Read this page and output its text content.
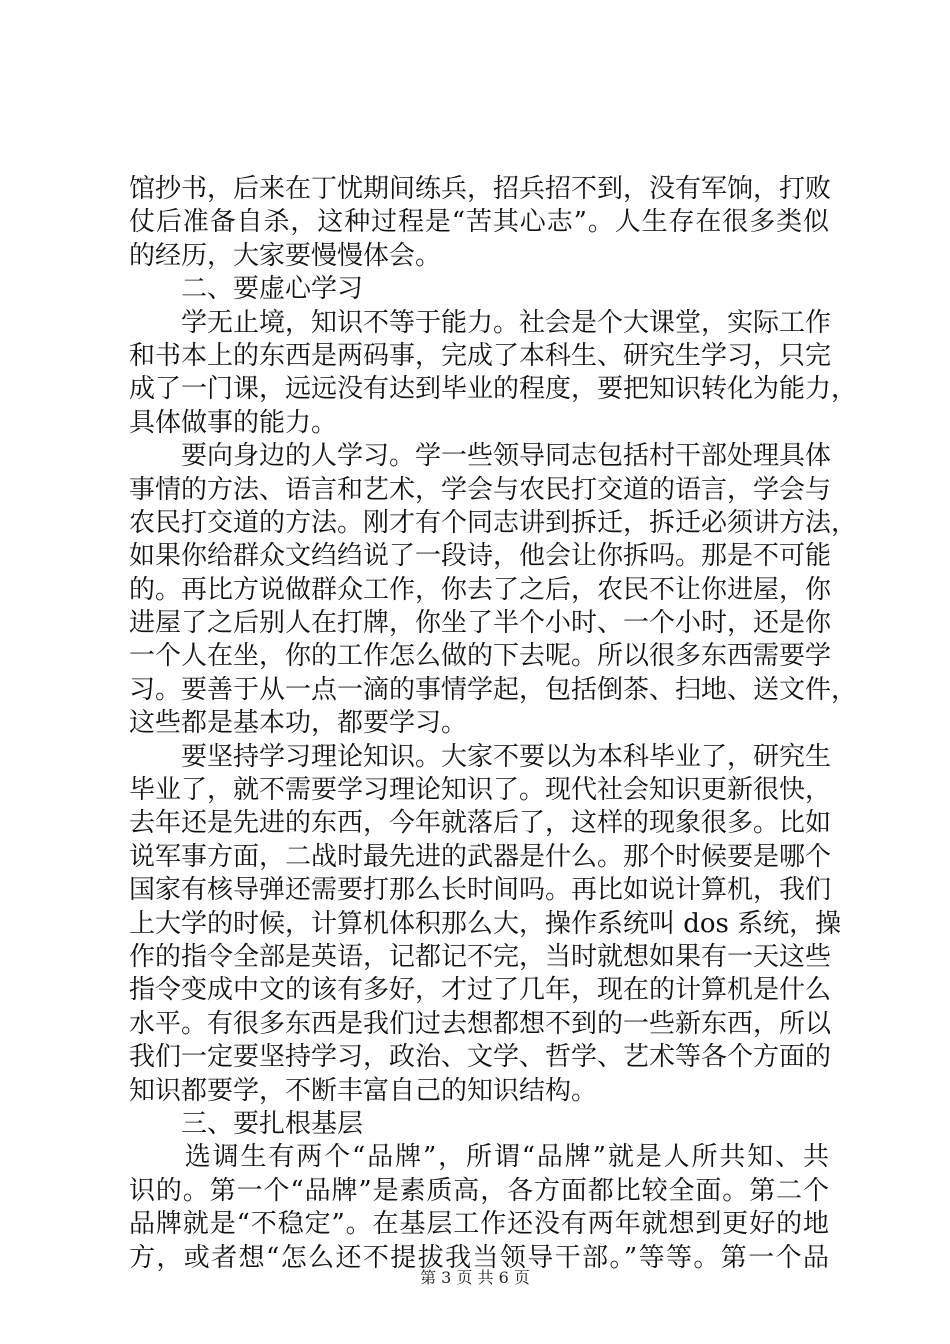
馆抄书，后来在丁忧期间练兵，招兵招不到，没有军饷，打败
仗后准备自杀，这种过程是“苦其心志”。人生存在很多类似
的经历，大家要慢慢体会。
　　二、要虚心学习
　　学无止境，知识不等于能力。社会是个大课堂，实际工作
和书本上的东西是两码事，完成了本科生、研究生学习，只完
成了一门课，远远没有达到毕业的程度，要把知识转化为能力，
具体做事的能力。
　　要向身边的人学习。学一些领导同志包括村干部处理具体
事情的方法、语言和艺术，学会与农民打交道的语言，学会与
农民打交道的方法。刚才有个同志讲到拆迁，拆迁必须讲方法，
如果你给群众文绉绉说了一段诗，他会让你拆吗。那是不可能
的。再比方说做群众工作，你去了之后，农民不让你进屋，你
进屋了之后别人在打牌，你坐了半个小时、一个小时，还是你
一个人在坐，你的工作怎么做的下去呢。所以很多东西需要学
习。要善于从一点一滴的事情学起，包括倒茶、扫地、送文件，
这些都是基本功，都要学习。
　　要坚持学习理论知识。大家不要以为本科毕业了，研究生
毕业了，就不需要学习理论知识了。现代社会知识更新很快，
去年还是先进的东西，今年就落后了，这样的现象很多。比如
说军事方面，二战时最先进的武器是什么。那个时候要是哪个
国家有核导弹还需要打那么长时间吗。再比如说计算机，我们
上大学的时候，计算机体积那么大，操作系统叫 dos 系统，操
作的指令全部是英语，记都记不完，当时就想如果有一天这些
指令变成中文的该有多好，才过了几年，现在的计算机是什么
水平。有很多东西是我们过去想都想不到的一些新东西，所以
我们一定要坚持学习，政治、文学、哲学、艺术等各个方面的
知识都要学，不断丰富自己的知识结构。
　　三、要扎根基层
　　选调生有两个“品牌”，所谓“品牌”就是人所共知、共
识的。第一个“品牌”是素质高，各方面都比较全面。第二个
品牌就是“不稳定”。在基层工作还没有两年就想到更好的地
方，或者想“怎么还不提拔我当领导干部。”等等。第一个品
第 3 页 共 6 页
